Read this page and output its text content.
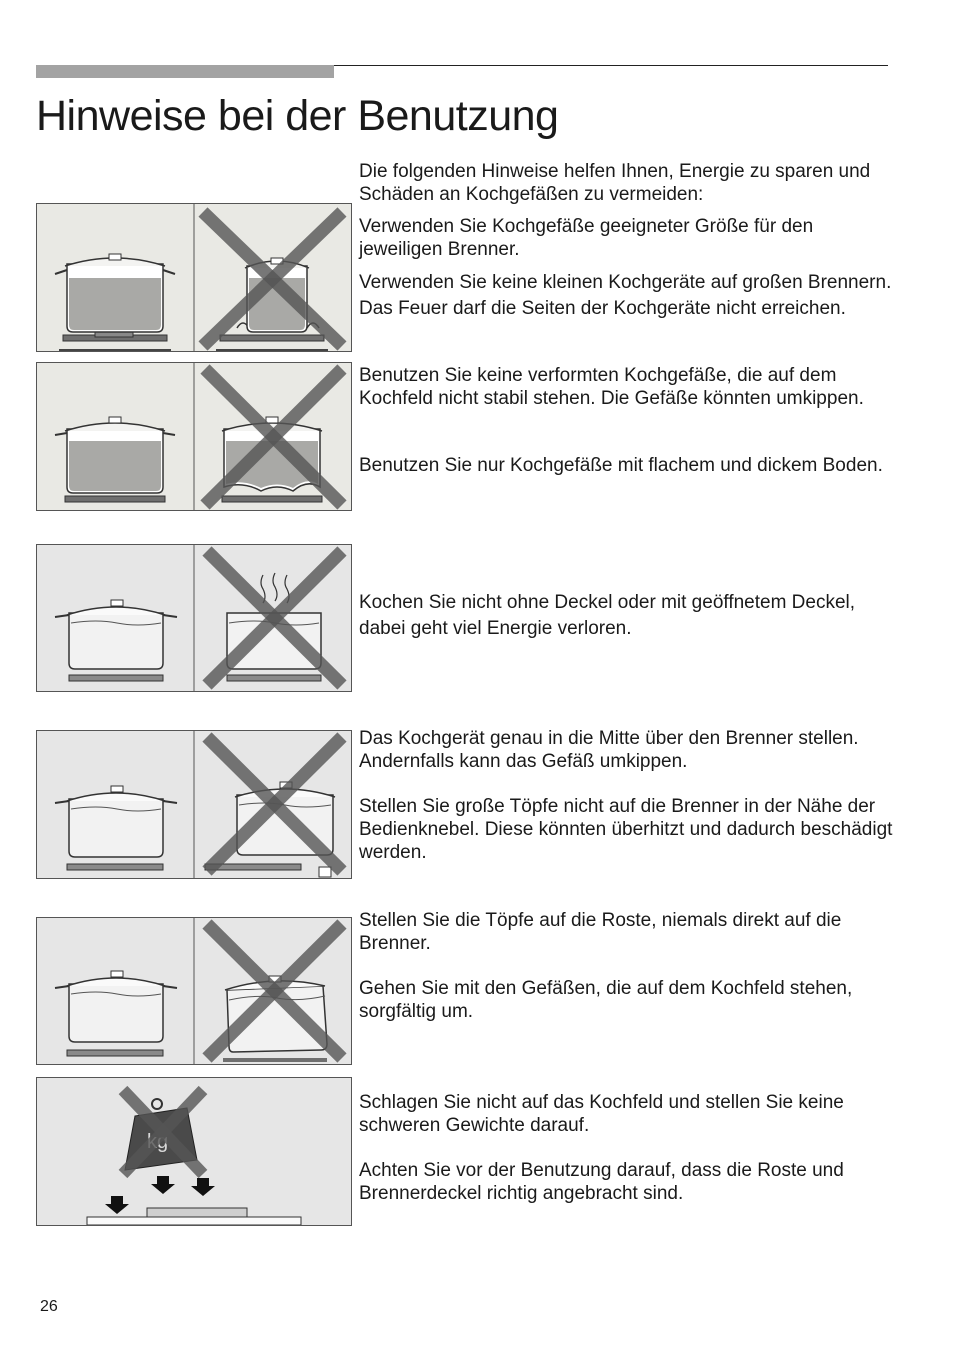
Hinweise bei der Benutzung

Die folgenden Hinweise helfen Ihnen, Energie zu sparen und Schäden an Kochgefäßen zu vermeiden:

Verwenden Sie Kochgefäße geeigneter Größe für den jeweiligen Brenner.

Verwenden Sie keine kleinen Kochgeräte auf großen Brennern. Das Feuer darf die Seiten der Kochgeräte nicht erreichen.

Benutzen Sie keine verformten Kochgefäße, die auf dem Kochfeld nicht stabil stehen. Die Gefäße könnten umkippen.

Benutzen Sie nur Kochgefäße mit flachem und dickem Boden.

Kochen Sie nicht ohne Deckel oder mit geöffnetem Deckel, dabei geht viel Energie verloren.

Das Kochgerät genau in die Mitte über den Brenner stellen. Andernfalls kann das Gefäß umkippen.

Stellen Sie große Töpfe nicht auf die Brenner in der Nähe der Bedienknebel. Diese könnten überhitzt und dadurch beschädigt werden.

Stellen Sie die Töpfe auf die Roste, niemals direkt auf die Brenner.

Gehen Sie mit den Gefäßen, die auf dem Kochfeld stehen, sorgfältig um.

Schlagen Sie nicht auf das Kochfeld und stellen Sie keine schweren Gewichte darauf.

Achten Sie vor der Benutzung darauf, dass die Roste und Brennerdeckel richtig angebracht sind.

26
